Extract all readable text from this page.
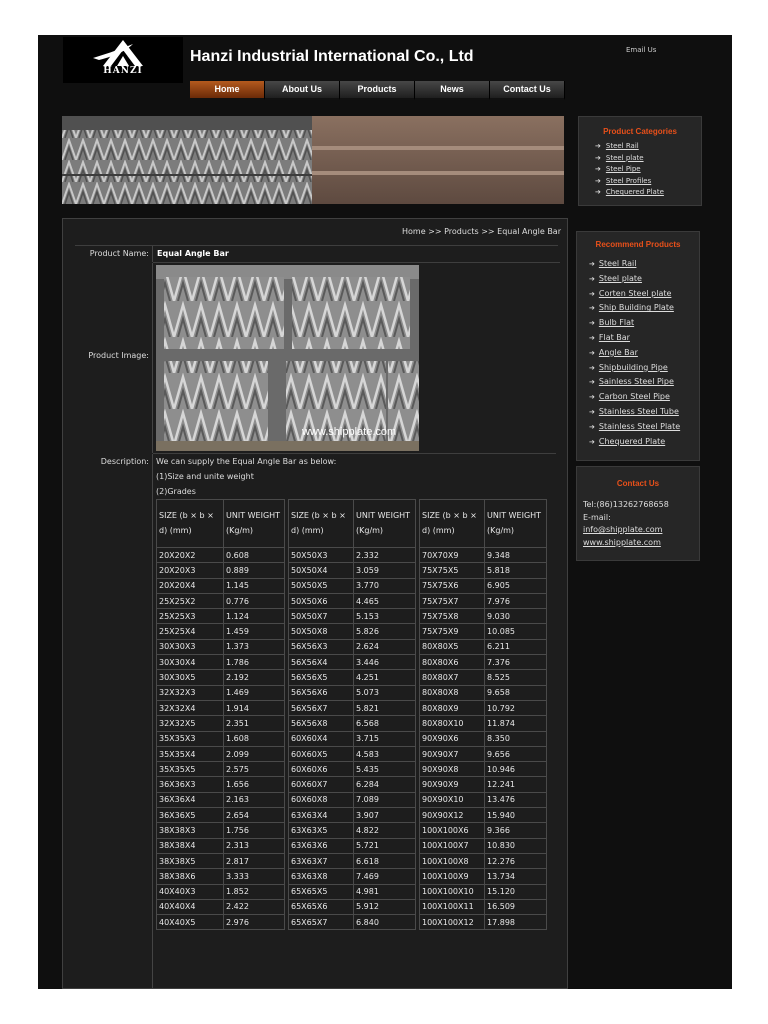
HANZI
Hanzi Industrial International Co., Ltd	Email Us
Home	About Us	Products	News	Contact Us
Product Categories
➔ Steel Rail
➔ Steel plate
➔ Steel Pipe
➔ Steel Profiles
➔ Chequered Plate
Home >> Products >> Equal Angle Bar
Product Name:	Equal Angle Bar
Product Image:
www.shipplate.com
Description: We can supply the Equal Angle Bar as below:
(1)Size and unite weight
(2)Grades
SIZE (b × b × d) (mm)	UNIT WEIGHT (Kg/m)		SIZE (b × b × d) (mm)	UNIT WEIGHT (Kg/m)		SIZE (b × b × d) (mm)	UNIT WEIGHT (Kg/m)
20X20X2	0.608		50X50X3	2.332		70X70X9	9.348
20X20X3	0.889		50X50X4	3.059		75X75X5	5.818
20X20X4	1.145		50X50X5	3.770		75X75X6	6.905
25X25X2	0.776		50X50X6	4.465		75X75X7	7.976
25X25X3	1.124		50X50X7	5.153		75X75X8	9.030
25X25X4	1.459		50X50X8	5.826		75X75X9	10.085
30X30X3	1.373		56X56X3	2.624		80X80X5	6.211
30X30X4	1.786		56X56X4	3.446		80X80X6	7.376
30X30X5	2.192		56X56X5	4.251		80X80X7	8.525
32X32X3	1.469		56X56X6	5.073		80X80X8	9.658
32X32X4	1.914		56X56X7	5.821		80X80X9	10.792
32X32X5	2.351		56X56X8	6.568		80X80X10	11.874
35X35X3	1.608		60X60X4	3.715		90X90X6	8.350
35X35X4	2.099		60X60X5	4.583		90X90X7	9.656
35X35X5	2.575		60X60X6	5.435		90X90X8	10.946
36X36X3	1.656		60X60X7	6.284		90X90X9	12.241
36X36X4	2.163		60X60X8	7.089		90X90X10	13.476
36X36X5	2.654		63X63X4	3.907		90X90X12	15.940
38X38X3	1.756		63X63X5	4.822		100X100X6	9.366
38X38X4	2.313		63X63X6	5.721		100X100X7	10.830
38X38X5	2.817		63X63X7	6.618		100X100X8	12.276
38X38X6	3.333		63X63X8	7.469		100X100X9	13.734
40X40X3	1.852		65X65X5	4.981		100X100X10	15.120
40X40X4	2.422		65X65X6	5.912		100X100X11	16.509
40X40X5	2.976		65X65X7	6.840		100X100X12	17.898
Recommend Products
➔ Steel Rail
➔ Steel plate
➔ Corten Steel plate
➔ Ship Building Plate
➔ Bulb Flat
➔ Flat Bar
➔ Angle Bar
➔ Shipbuilding Pipe
➔ Sainless Steel Pipe
➔ Carbon Steel Pipe
➔ Stainless Steel Tube
➔ Stainless Steel Plate
➔ Chequered Plate
Contact Us
Tel:(86)13262768658
E-mail:
info@shipplate.com
www.shipplate.com
